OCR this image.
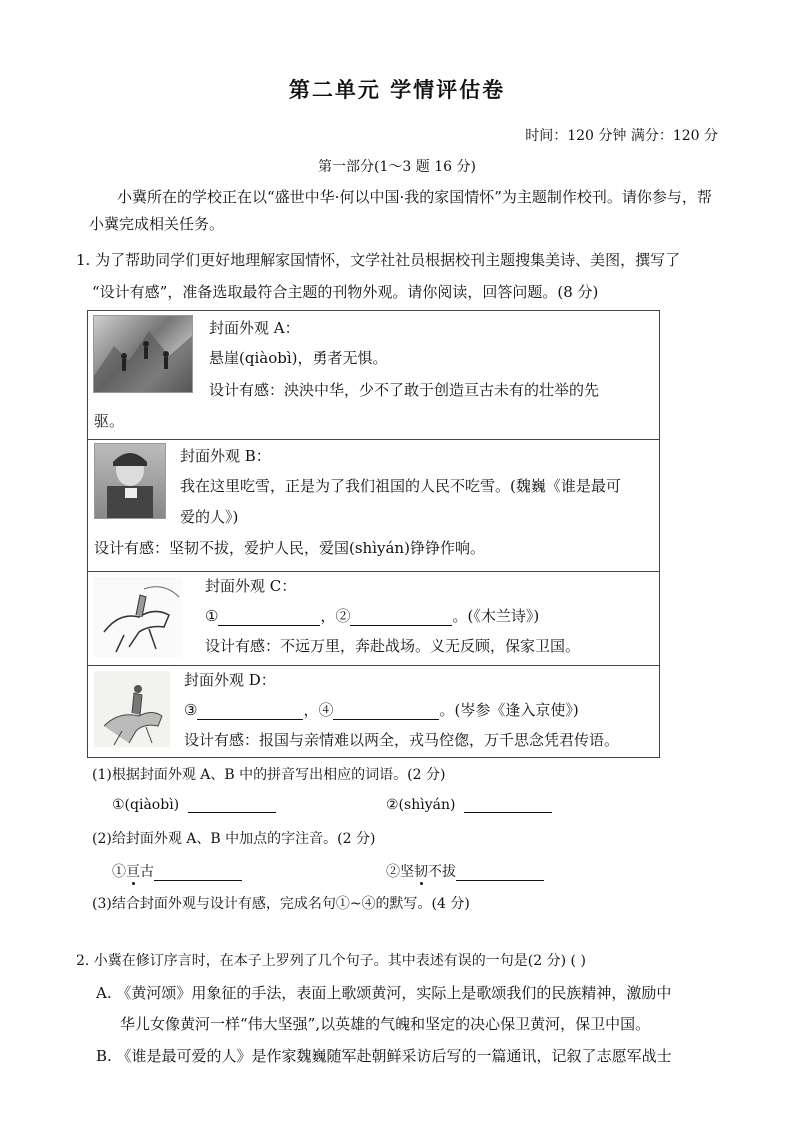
第二单元 学情评估卷
时间：120 分钟 满分：120 分
第一部分(1～3 题 16 分)
小冀所在的学校正在以“盛世中华·何以中国·我的家国情怀”为主题制作校刊。请你参与，帮小冀完成相关任务。
1. 为了帮助同学们更好地理解家国情怀，文学社社员根据校刊主题搜集美诗、美图，撰写了
“设计有感”，准备选取最符合主题的刊物外观。请你阅读，回答问题。(8 分)
封面外观 A：
悬崖(qiàobì)，勇者无惧。
设计有感：泱泱中华，少不了敢于创造亘古未有的壮举的先
驱。
封面外观 B：
我在这里吃雪，正是为了我们祖国的人民不吃雪。(魏巍《谁是最可
爱的人》)
设计有感：坚韧不拔，爱护人民，爱国(shìyán)铮铮作响。
封面外观 C：
①	，②	。(《木兰诗》)
设计有感：不远万里，奔赴战场。义无反顾，保家卫国。
封面外观 D：
③	，④	。(岑参《逢入京使》)
设计有感：报国与亲情难以两全，戎马倥偬，万千思念凭君传语。
(1)根据封面外观 A、B 中的拼音写出相应的词语。(2 分)
①(qiàobì)	②(shìyán)
(2)给封面外观 A、B 中加点的字注音。(2 分)
①亘古	②坚韧不拔
(3)结合封面外观与设计有感，完成名句①~④的默写。(4 分)
2. 小冀在修订序言时，在本子上罗列了几个句子。其中表述有误的一句是(2 分) ( )
A. 《黄河颂》用象征的手法，表面上歌颂黄河，实际上是歌颂我们的民族精神，激励中
华儿女像黄河一样“伟大坚强”,以英雄的气魄和坚定的决心保卫黄河，保卫中国。
B. 《谁是最可爱的人》是作家魏巍随军赴朝鲜采访后写的一篇通讯，记叙了志愿军战士
